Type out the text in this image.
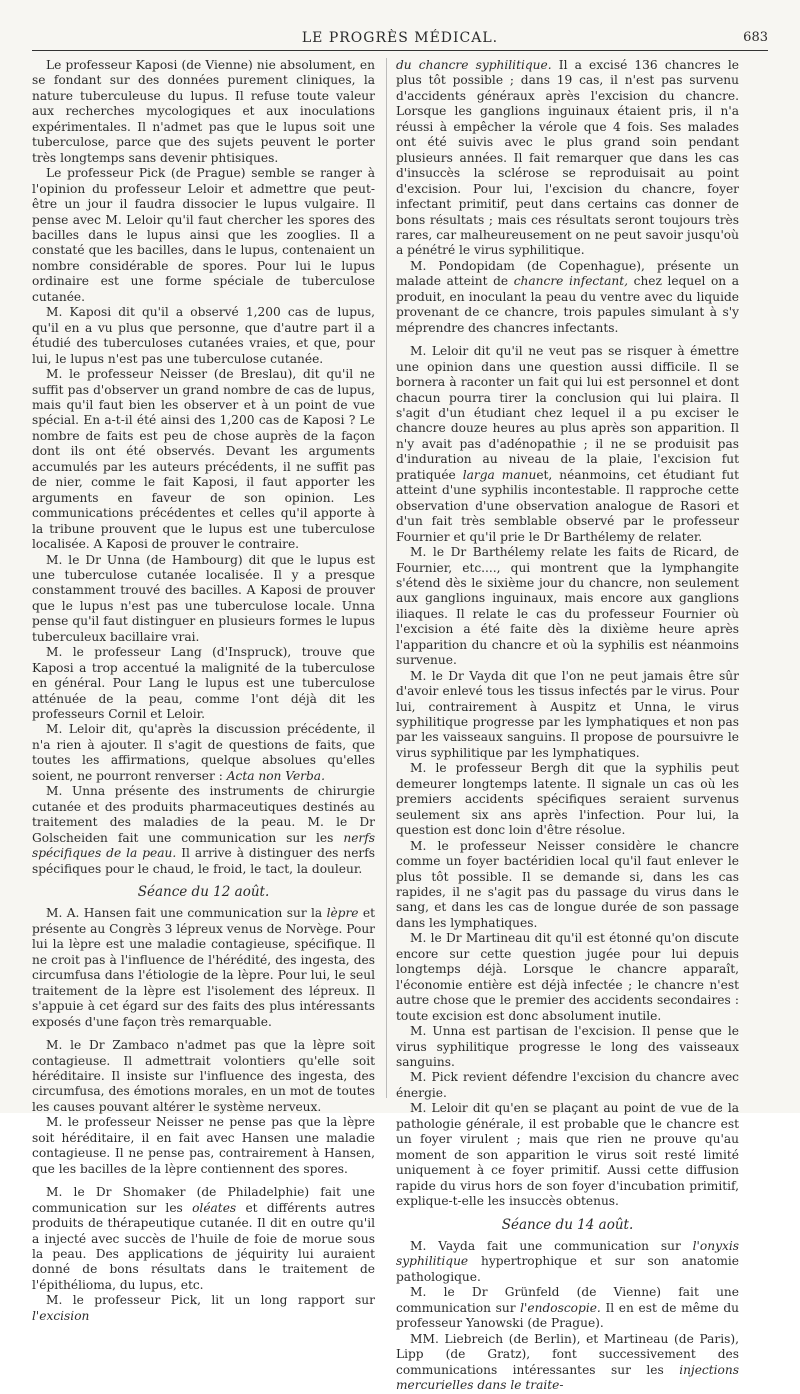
LE PROGRÈS MÉDICAL.	683

Le professeur Kaposi (de Vienne) nie absolument, en se fondant sur des données purement cliniques, la nature tuberculeuse du lupus. Il refuse toute valeur aux recherches mycologiques et aux inoculations expérimentales. Il n'admet pas que le lupus soit une tuberculose, parce que des sujets peuvent le porter très longtemps sans devenir phtisiques.

Le professeur Pick (de Prague) semble se ranger à l'opinion du professeur Leloir et admettre que peut-être un jour il faudra dissocier le lupus vulgaire. Il pense avec M. Leloir qu'il faut chercher les spores des bacilles dans le lupus ainsi que les zooglies. Il a constaté que les bacilles, dans le lupus, contenaient un nombre considérable de spores. Pour lui le lupus ordinaire est une forme spéciale de tuberculose cutanée.

M. Kaposi dit qu'il a observé 1,200 cas de lupus, qu'il en a vu plus que personne, que d'autre part il a étudié des tuberculoses cutanées vraies, et que, pour lui, le lupus n'est pas une tuberculose cutanée.

M. le professeur Neisser (de Breslau), dit qu'il ne suffit pas d'observer un grand nombre de cas de lupus, mais qu'il faut bien les observer et à un point de vue spécial. En a-t-il été ainsi des 1,200 cas de Kaposi ? Le nombre de faits est peu de chose auprès de la façon dont ils ont été observés. Devant les arguments accumulés par les auteurs précédents, il ne suffit pas de nier, comme le fait Kaposi, il faut apporter les arguments en faveur de son opinion. Les communications précédentes et celles qu'il apporte à la tribune prouvent que le lupus est une tuberculose localisée. A Kaposi de prouver le contraire.

M. le Dr Unna (de Hambourg) dit que le lupus est une tuberculose cutanée localisée. Il y a presque constamment trouvé des bacilles. A Kaposi de prouver que le lupus n'est pas une tuberculose locale. Unna pense qu'il faut distinguer en plusieurs formes le lupus tuberculeux bacillaire vrai.

M. le professeur Lang (d'Inspruck), trouve que Kaposi a trop accentué la malignité de la tuberculose en général. Pour Lang le lupus est une tuberculose atténuée de la peau, comme l'ont déjà dit les professeurs Cornil et Leloir.

M. Leloir dit, qu'après la discussion précédente, il n'a rien à ajouter. Il s'agit de questions de faits, que toutes les affirmations, quelque absolues qu'elles soient, ne pourront renverser : Acta non Verba.

M. Unna présente des instruments de chirurgie cutanée et des produits pharmaceutiques destinés au traitement des maladies de la peau. M. le Dr Golscheiden fait une communication sur les nerfs spécifiques de la peau. Il arrive à distinguer des nerfs spécifiques pour le chaud, le froid, le tact, la douleur.

Séance du 12 août.

M. A. Hansen fait une communication sur la lèpre et présente au Congrès 3 lépreux venus de Norvège. Pour lui la lèpre est une maladie contagieuse, spécifique. Il ne croit pas à l'influence de l'hérédité, des ingesta, des circumfusa dans l'étiologie de la lèpre. Pour lui, le seul traitement de la lèpre est l'isolement des lépreux. Il s'appuie à cet égard sur des faits des plus intéressants exposés d'une façon très remarquable.

M. le Dr Zambaco n'admet pas que la lèpre soit contagieuse. Il admettrait volontiers qu'elle soit héréditaire. Il insiste sur l'influence des ingesta, des circumfusa, des émotions morales, en un mot de toutes les causes pouvant altérer le système nerveux.

M. le professeur Neisser ne pense pas que la lèpre soit héréditaire, il en fait avec Hansen une maladie contagieuse. Il ne pense pas, contrairement à Hansen, que les bacilles de la lèpre contiennent des spores.

M. le Dr Shomaker (de Philadelphie) fait une communication sur les oléates et différents autres produits de thérapeutique cutanée. Il dit en outre qu'il a injecté avec succès de l'huile de foie de morue sous la peau. Des applications de jéquirity lui auraient donné de bons résultats dans le traitement de l'épithélioma, du lupus, etc.

M. le professeur Pick, lit un long rapport sur l'excision

du chancre syphilitique. Il a excisé 136 chancres le plus tôt possible ; dans 19 cas, il n'est pas survenu d'accidents généraux après l'excision du chancre. Lorsque les ganglions inguinaux étaient pris, il n'a réussi à empêcher la vérole que 4 fois. Ses malades ont été suivis avec le plus grand soin pendant plusieurs années. Il fait remarquer que dans les cas d'insuccès la sclérose se reproduisait au point d'excision. Pour lui, l'excision du chancre, foyer infectant primitif, peut dans certains cas donner de bons résultats ; mais ces résultats seront toujours très rares, car malheureusement on ne peut savoir jusqu'où a pénétré le virus syphilitique.

M. Pondopidam (de Copenhague), présente un malade atteint de chancre infectant, chez lequel on a produit, en inoculant la peau du ventre avec du liquide provenant de ce chancre, trois papules simulant à s'y méprendre des chancres infectants.

M. Leloir dit qu'il ne veut pas se risquer à émettre une opinion dans une question aussi difficile. Il se bornera à raconter un fait qui lui est personnel et dont chacun pourra tirer la conclusion qui lui plaira. Il s'agit d'un étudiant chez lequel il a pu exciser le chancre douze heures au plus après son apparition. Il n'y avait pas d'adénopathie ; il ne se produisit pas d'induration au niveau de la plaie, l'excision fut pratiquée larga manuet, néanmoins, cet étudiant fut atteint d'une syphilis incontestable. Il rapproche cette observation d'une observation analogue de Rasori et d'un fait très semblable observé par le professeur Fournier et qu'il prie le Dr Barthélemy de relater.

M. le Dr Barthélemy relate les faits de Ricard, de Fournier, etc...., qui montrent que la lymphangite s'étend dès le sixième jour du chancre, non seulement aux ganglions inguinaux, mais encore aux ganglions iliaques. Il relate le cas du professeur Fournier où l'excision a été faite dès la dixième heure après l'apparition du chancre et où la syphilis est néanmoins survenue.

M. le Dr Vayda dit que l'on ne peut jamais être sûr d'avoir enlevé tous les tissus infectés par le virus. Pour lui, contrairement à Auspitz et Unna, le virus syphilitique progresse par les lymphatiques et non pas par les vaisseaux sanguins. Il propose de poursuivre le virus syphilitique par les lymphatiques.

M. le professeur Bergh dit que la syphilis peut demeurer longtemps latente. Il signale un cas où les premiers accidents spécifiques seraient survenus seulement six ans après l'infection. Pour lui, la question est donc loin d'être résolue.

M. le professeur Neisser considère le chancre comme un foyer bactéridien local qu'il faut enlever le plus tôt possible. Il se demande si, dans les cas rapides, il ne s'agit pas du passage du virus dans le sang, et dans les cas de longue durée de son passage dans les lymphatiques.

M. le Dr Martineau dit qu'il est étonné qu'on discute encore sur cette question jugée pour lui depuis longtemps déjà. Lorsque le chancre apparaît, l'économie entière est déjà infectée ; le chancre n'est autre chose que le premier des accidents secondaires : toute excision est donc absolument inutile.

M. Unna est partisan de l'excision. Il pense que le virus syphilitique progresse le long des vaisseaux sanguins.

M. Pick revient défendre l'excision du chancre avec énergie.

M. Leloir dit qu'en se plaçant au point de vue de la pathologie générale, il est probable que le chancre est un foyer virulent ; mais que rien ne prouve qu'au moment de son apparition le virus soit resté limité uniquement à ce foyer primitif. Aussi cette diffusion rapide du virus hors de son foyer d'incubation primitif, explique-t-elle les insuccès obtenus.

Séance du 14 août.

M. Vayda fait une communication sur l'onyxis syphilitique hypertrophique et sur son anatomie pathologique.

M. le Dr Grünfeld (de Vienne) fait une communication sur l'endoscopie. Il en est de même du professeur Yanowski (de Prague).

MM. Liebreich (de Berlin), et Martineau (de Paris), Lipp (de Gratz), font successivement des communications intéressantes sur les injections mercurielles dans le traite-
